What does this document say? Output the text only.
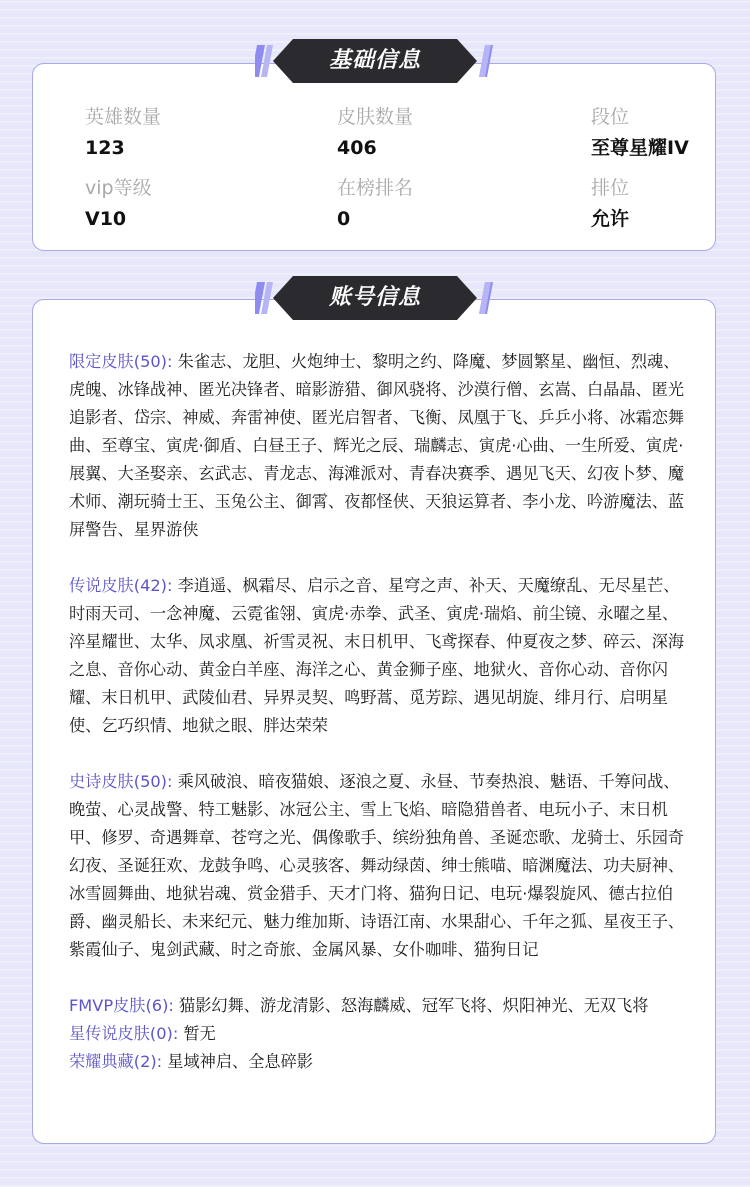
英雄数量
123
皮肤数量
406
段位
至尊星耀IV
vip等级
V10
在榜排名
0
排位
允许
基础信息
限定皮肤(50): 朱雀志、龙胆、火炮绅士、黎明之约、降魔、梦圆繁星、幽恒、烈魂、虎魄、冰锋战神、匿光决锋者、暗影游猎、御风骁将、沙漠行僧、玄嵩、白晶晶、匿光追影者、岱宗、神威、奔雷神使、匿光启智者、飞衡、凤凰于飞、乒乒小将、冰霜恋舞曲、至尊宝、寅虎·御盾、白昼王子、辉光之辰、瑞麟志、寅虎·心曲、一生所爱、寅虎·展翼、大圣娶亲、玄武志、青龙志、海滩派对、青春决赛季、遇见飞天、幻夜卜梦、魔术师、潮玩骑士王、玉兔公主、御霄、夜都怪侠、天狼运算者、李小龙、吟游魔法、蓝屏警告、星界游侠
传说皮肤(42): 李逍遥、枫霜尽、启示之音、星穹之声、补天、天魔缭乱、无尽星芒、时雨天司、一念神魔、云霓雀翎、寅虎·赤拳、武圣、寅虎·瑞焰、前尘镜、永曜之星、淬星耀世、太华、凤求凰、祈雪灵祝、末日机甲、飞鸢探春、仲夏夜之梦、碎云、深海之息、音你心动、黄金白羊座、海洋之心、黄金狮子座、地狱火、音你心动、音你闪耀、末日机甲、武陵仙君、异界灵契、鸣野蒿、觅芳踪、遇见胡旋、绯月行、启明星使、乞巧织情、地狱之眼、胖达荣荣
史诗皮肤(50): 乘风破浪、暗夜猫娘、逐浪之夏、永昼、节奏热浪、魅语、千筹问战、晚萤、心灵战警、特工魅影、冰冠公主、雪上飞焰、暗隐猎兽者、电玩小子、末日机甲、修罗、奇遇舞章、苍穹之光、偶像歌手、缤纷独角兽、圣诞恋歌、龙骑士、乐园奇幻夜、圣诞狂欢、龙鼓争鸣、心灵骇客、舞动绿茵、绅士熊喵、暗渊魔法、功夫厨神、冰雪圆舞曲、地狱岩魂、赏金猎手、天才门将、猫狗日记、电玩·爆裂旋风、德古拉伯爵、幽灵船长、未来纪元、魅力维加斯、诗语江南、水果甜心、千年之狐、星夜王子、紫霞仙子、鬼剑武藏、时之奇旅、金属风暴、女仆咖啡、猫狗日记
FMVP皮肤(6): 猫影幻舞、游龙清影、怒海麟威、冠军飞将、炽阳神光、无双飞将
星传说皮肤(0): 暂无
荣耀典藏(2): 星域神启、全息碎影
账号信息
